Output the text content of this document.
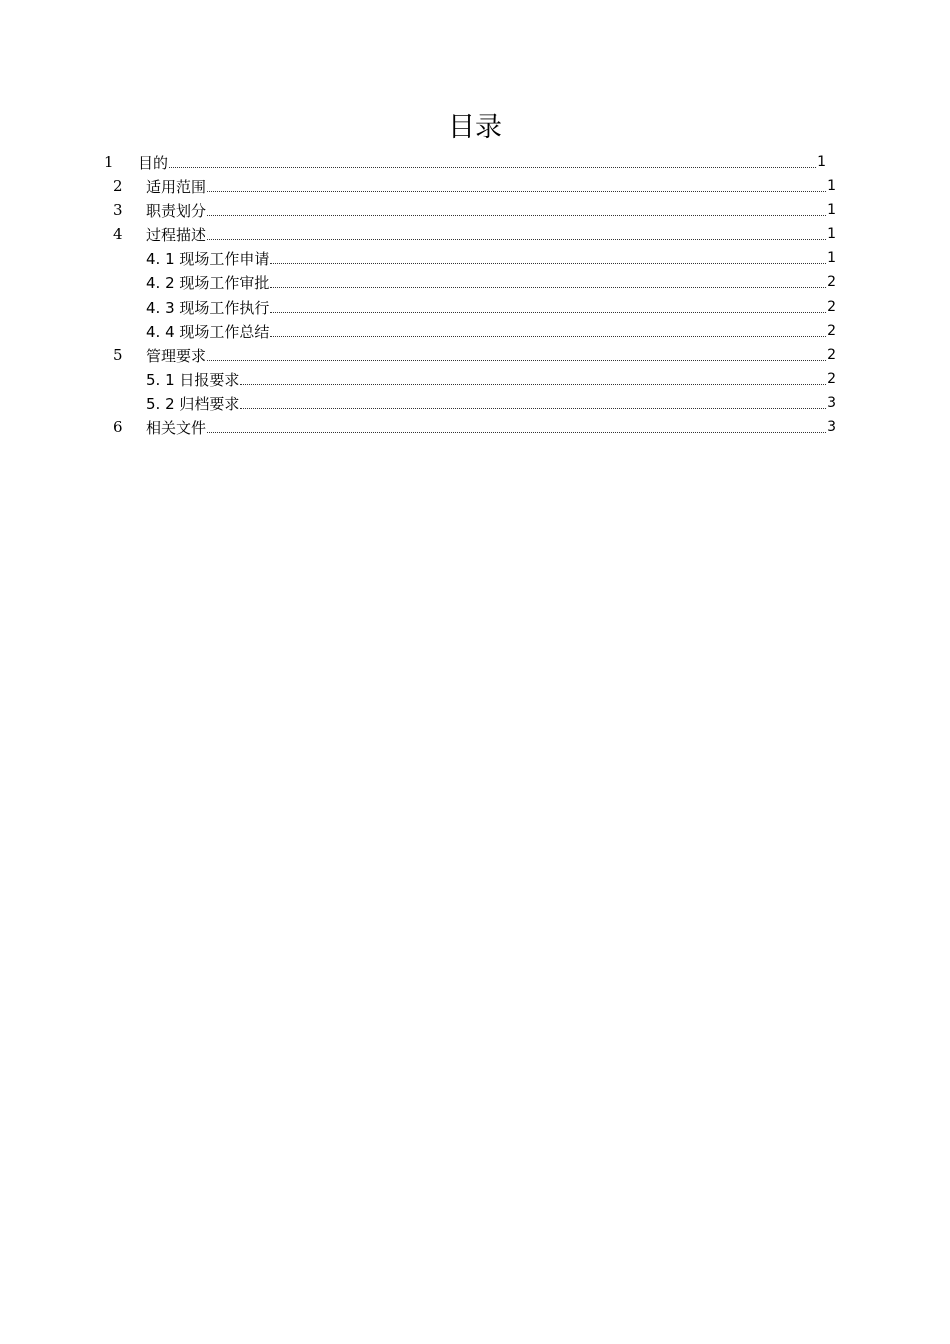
目录
1	目的	1
2	适用范围	1
3	职责划分	1
4	过程描述	1
4. 1 现场工作申请	1
4. 2 现场工作审批	2
4. 3 现场工作执行	2
4. 4 现场工作总结	2
5	管理要求	2
5. 1 日报要求	2
5. 2 归档要求	3
6	相关文件	3
